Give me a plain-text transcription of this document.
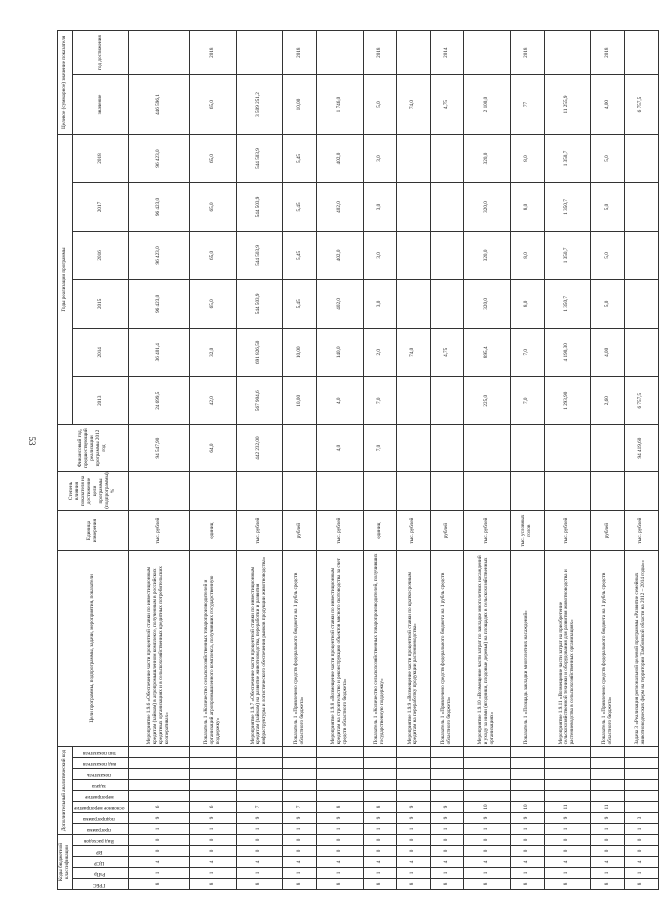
53
Коды бюджетной классификации					Дополнительный аналитический код								Цели программы, подпрограммы, задачи, мероприятия, показатели	Единица измерения	Степень влияния показателя на достижение цели программы (подпрограммы), %	Финансовый год, предшествующий реализации программы 2012 год	Годы реализации программы						Целевое (суммарное) значение показателя	
ГРБС	РзПр	ЦСР	ВР	Вид расходов	программа	подпрограмма	основное мероприятие	мероприятие	задача	показатель	вид показателя	тип показателя					2013	2014	2015	2016	2017	2018	значение	год достижения

8	1	4	0	0	1	9	6						Мероприятие 1.9.6 «Обеспечение части процентной ставки по инвестиционным кредитам (займам) в агропромышленном комплексе, полученным в российских кредитных организациях и в сельскохозяйственных кредитных потребительских кооперативах»	тыс. рублей		94 547,90	24 699,5	36 401,4	96 423,0	96 423,0	96 423,0	96 423,0	446 596,1	
8	1	4	0	0	1	9	6						Показатель 1 «Количество сельскохозяйственных товаропроизводителей и организаций агропромышленного комплекса, получивших государственную поддержку»	единиц		64,0	42,0	32,0	65,0	65,0	65,0	65,0	65,0	2018
8	1	4	0	0	1	9	7						Мероприятие 1.9.7 «Обеспечение части процентной ставки по инвестиционным кредитам (займам) на развитие животноводства, переработки и развития инфраструктуры и логистического обеспечения рынков продукции животноводства»	тыс. рублей		442 232,00	567 904,6	691 826,50	544 503,9	544 503,9	544 503,9	544 503,9	3 509 251,2	
8	1	4	0	0	1	9	7						Показатель 1 «Привлечено средств федерального бюджета на 1 рубль средств областного бюджета»	рублей			10,00	10,00	5,45	5,45	5,45	5,45	10,00	2018
8	1	4	0	0	1	9	8						Мероприятие 1.9.8 «Возмещение части процентной ставки по инвестиционным кредитам на строительство и реконструкцию объектов мясного скотоводства за счет средств областного бюджета»	тыс. рублей		4,0	4,0	140,0	402,0	402,0	402,0	402,0	1 746,0	
8	1	4	0	0	1	9	8						Показатель 1 «Количество сельскохозяйственных товаропроизводителей, получивших государственную поддержку»	единиц		7,0	7,0	2,0	3,0	3,0	3,0	3,0	5,0	2018
8	1	4	0	0	1	9	9						Мероприятие 1.9.9 «Возмещение части процентной ставки по краткосрочным кредитам на переработку продукции растениеводства»	тыс. рублей				74,0					74,0	
8	1	4	0	0	1	9	9						Показатель 1 «Привлечено средств федерального бюджета на 1 рубль средств областного бюджета»	рублей				4,75					4,75	2014
8	1	4	0	0	1	9	10						Мероприятие 1.9.10 «Возмещение части затрат по закладке многолетних насаждений и уходу за ними (ягодники, плодовые деревья) на площадях в сельскохозяйственных организациях»	тыс. рублей			225,0	895,4	320,0	320,0	320,0	320,0	2 100,0	
8	1	4	0	0	1	9	10						Показатель 1 «Площадь закладки многолетних насаждений»	тыс. условных голов			7,0	7,0	8,0	8,0	8,0	8,0	77	2018
8	1	4	0	0	1	9	11						Мероприятие 1.9.11 «Возмещение части затрат на приобретение сельскохозяйственной техники и оборудования для развития животноводства и растениеводства в сельскохозяйственных организациях»	тыс. рублей			1 293,90	4 190,30	1 350,7	1 350,7	1 350,7	1 350,7	11 255,9	
8	1	4	0	0	1	9	11						Показатель 1 «Привлечено средств федерального бюджета на 1 рубль средств областного бюджета»	рублей			2,60	4,00	5,0	5,0	5,0	5,0	4,00	2018
8	1	4	0	0	1	3							Задача 3 «Реализация региональной целевой программы «Развитие семейных животноводческих ферм на территории Тамбовской области на 2012 – 2014 годы»»	тыс. рублей		94 419,60	6 757,5						6 757,5	
